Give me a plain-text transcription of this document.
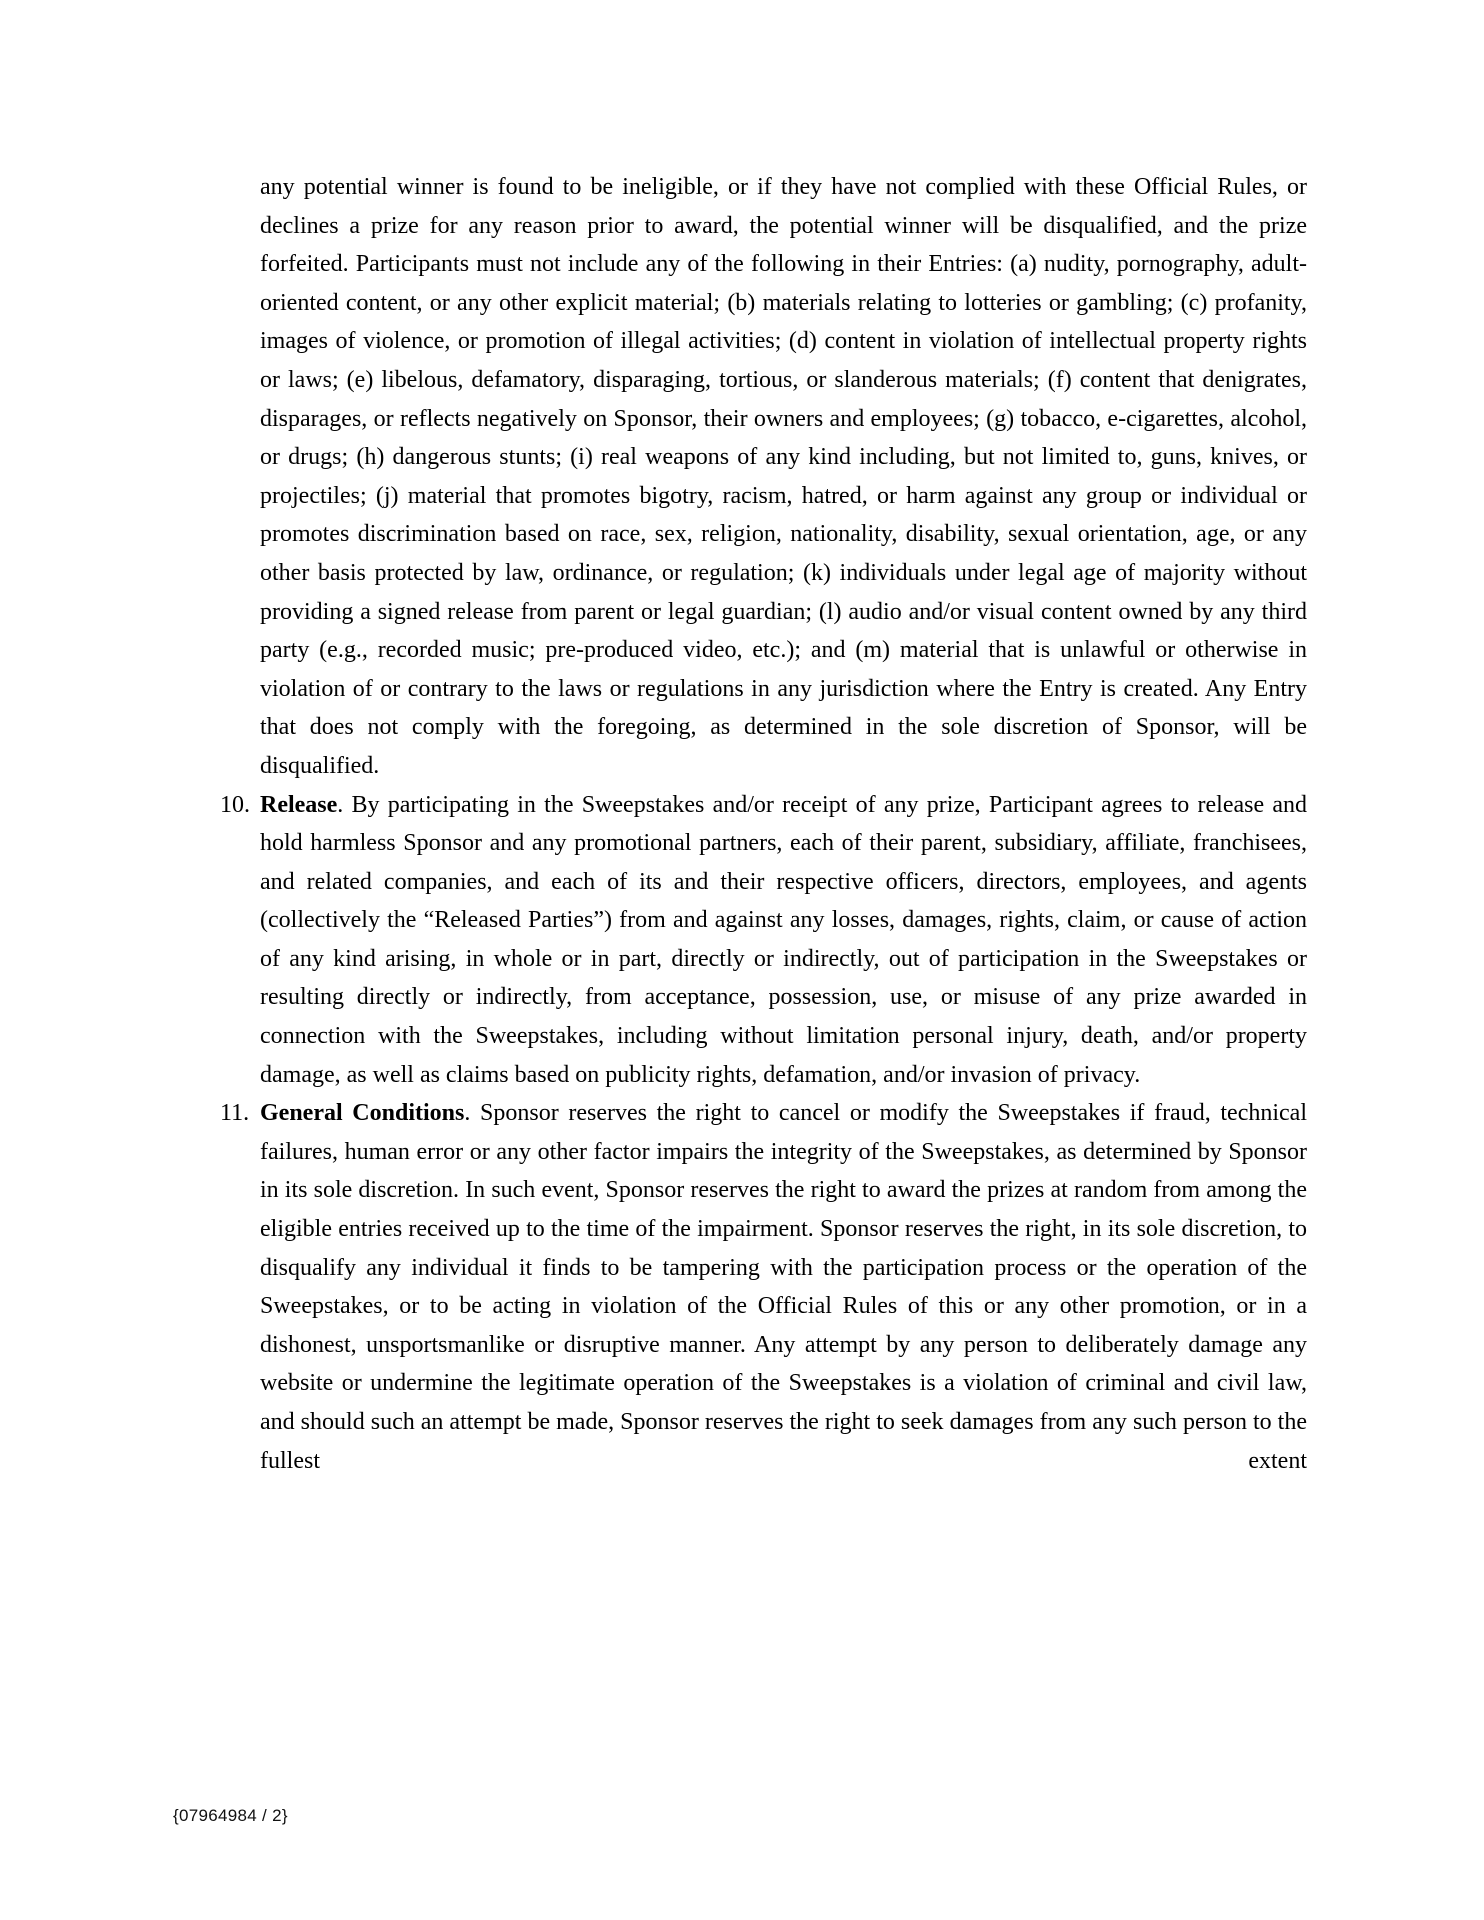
any potential winner is found to be ineligible, or if they have not complied with these Official Rules, or declines a prize for any reason prior to award, the potential winner will be disqualified, and the prize forfeited. Participants must not include any of the following in their Entries: (a) nudity, pornography, adult-oriented content, or any other explicit material; (b) materials relating to lotteries or gambling; (c) profanity, images of violence, or promotion of illegal activities; (d) content in violation of intellectual property rights or laws; (e) libelous, defamatory, disparaging, tortious, or slanderous materials; (f) content that denigrates, disparages, or reflects negatively on Sponsor, their owners and employees; (g) tobacco, e-cigarettes, alcohol, or drugs; (h) dangerous stunts; (i) real weapons of any kind including, but not limited to, guns, knives, or projectiles; (j) material that promotes bigotry, racism, hatred, or harm against any group or individual or promotes discrimination based on race, sex, religion, nationality, disability, sexual orientation, age, or any other basis protected by law, ordinance, or regulation; (k) individuals under legal age of majority without providing a signed release from parent or legal guardian; (l) audio and/or visual content owned by any third party (e.g., recorded music; pre-produced video, etc.); and (m) material that is unlawful or otherwise in violation of or contrary to the laws or regulations in any jurisdiction where the Entry is created. Any Entry that does not comply with the foregoing, as determined in the sole discretion of Sponsor, will be disqualified.

10. Release. By participating in the Sweepstakes and/or receipt of any prize, Participant agrees to release and hold harmless Sponsor and any promotional partners, each of their parent, subsidiary, affiliate, franchisees, and related companies, and each of its and their respective officers, directors, employees, and agents (collectively the “Released Parties”) from and against any losses, damages, rights, claim, or cause of action of any kind arising, in whole or in part, directly or indirectly, out of participation in the Sweepstakes or resulting directly or indirectly, from acceptance, possession, use, or misuse of any prize awarded in connection with the Sweepstakes, including without limitation personal injury, death, and/or property damage, as well as claims based on publicity rights, defamation, and/or invasion of privacy.
11. General Conditions. Sponsor reserves the right to cancel or modify the Sweepstakes if fraud, technical failures, human error or any other factor impairs the integrity of the Sweepstakes, as determined by Sponsor in its sole discretion. In such event, Sponsor reserves the right to award the prizes at random from among the eligible entries received up to the time of the impairment. Sponsor reserves the right, in its sole discretion, to disqualify any individual it finds to be tampering with the participation process or the operation of the Sweepstakes, or to be acting in violation of the Official Rules of this or any other promotion, or in a dishonest, unsportsmanlike or disruptive manner. Any attempt by any person to deliberately damage any website or undermine the legitimate operation of the Sweepstakes is a violation of criminal and civil law, and should such an attempt be made, Sponsor reserves the right to seek damages from any such person to the fullest extent
{07964984 / 2}
